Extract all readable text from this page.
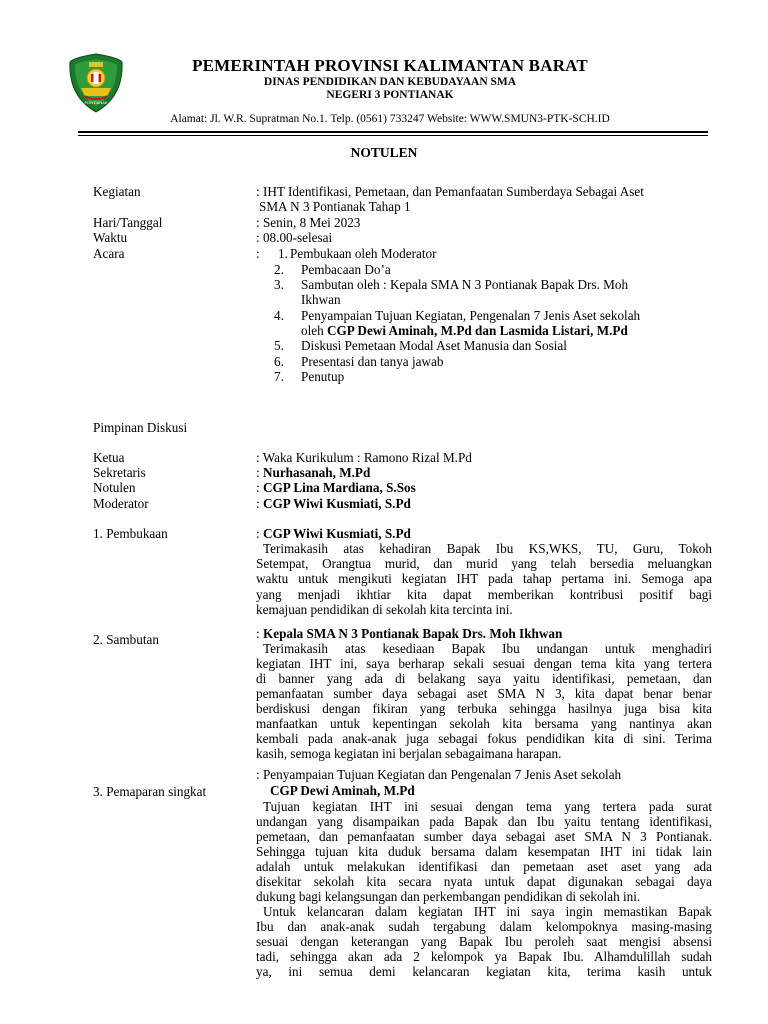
PONTIANAK
PEMERINTAH PROVINSI KALIMANTAN BARAT
DINAS PENDIDIKAN DAN KEBUDAYAAN SMA
NEGERI 3 PONTIANAK
Alamat: Jl. W.R. Supratman No.1. Telp. (0561) 733247 Website: WWW.SMUN3-PTK-SCH.ID
NOTULEN
Kegiatan	: IHT Identifikasi, Pemetaan, dan Pemanfaatan Sumberdaya Sebagai Aset
SMA N 3 Pontianak Tahap 1
Hari/Tanggal	: Senin, 8 Mei 2023
Waktu	: 08.00-selesai
Acara	: 1. Pembukaan oleh Moderator
2. Pembacaan Do’a
3. Sambutan oleh : Kepala SMA N 3 Pontianak Bapak Drs. Moh
Ikhwan
4. Penyampaian Tujuan Kegiatan, Pengenalan 7 Jenis Aset sekolah
oleh CGP Dewi Aminah, M.Pd dan Lasmida Listari, M.Pd
5. Diskusi Pemetaan Modal Aset Manusia dan Sosial
6. Presentasi dan tanya jawab
7. Penutup
Pimpinan Diskusi
Ketua	: Waka Kurikulum : Ramono Rizal M.Pd
Sekretaris	: Nurhasanah, M.Pd
Notulen	: CGP Lina Mardiana, S.Sos
Moderator	: CGP Wiwi Kusmiati, S.Pd
1. Pembukaan	: CGP Wiwi Kusmiati, S.Pd
Terimakasih atas kehadiran Bapak Ibu KS,WKS, TU, Guru, Tokoh
Setempat, Orangtua murid, dan murid yang telah bersedia meluangkan
waktu untuk mengikuti kegiatan IHT pada tahap pertama ini. Semoga apa
yang menjadi ikhtiar kita dapat memberikan kontribusi positif bagi
kemajuan pendidikan di sekolah kita tercinta ini.
2. Sambutan	: Kepala SMA N 3 Pontianak Bapak Drs. Moh Ikhwan
Terimakasih atas kesediaan Bapak Ibu undangan untuk menghadiri
kegiatan IHT ini, saya berharap sekali sesuai dengan tema kita yang tertera
di banner yang ada di belakang saya yaitu identifikasi, pemetaan, dan
pemanfaatan sumber daya sebagai aset SMA N 3, kita dapat benar benar
berdiskusi dengan fikiran yang terbuka sehingga hasilnya juga bisa kita
manfaatkan untuk kepentingan sekolah kita bersama yang nantinya akan
kembali pada anak-anak juga sebagai fokus pendidikan kita di sini. Terima
kasih, semoga kegiatan ini berjalan sebagaimana harapan.
: Penyampaian Tujuan Kegiatan dan Pengenalan 7 Jenis Aset sekolah
3. Pemaparan singkat	CGP Dewi Aminah, M.Pd
Tujuan kegiatan IHT ini sesuai dengan tema yang tertera pada surat
undangan yang disampaikan pada Bapak dan Ibu yaitu tentang identifikasi,
pemetaan, dan pemanfaatan sumber daya sebagai aset SMA N 3 Pontianak.
Sehingga tujuan kita duduk bersama dalam kesempatan IHT ini tidak lain
adalah untuk melakukan identifikasi dan pemetaan aset aset yang ada
disekitar sekolah kita secara nyata untuk dapat digunakan sebagai daya
dukung bagi kelangsungan dan perkembangan pendidikan di sekolah ini.
Untuk kelancaran dalam kegiatan IHT ini saya ingin memastikan Bapak
Ibu dan anak-anak sudah tergabung dalam kelompoknya masing-masing
sesuai dengan keterangan yang Bapak Ibu peroleh saat mengisi absensi
tadi, sehingga akan ada 2 kelompok ya Bapak Ibu. Alhamdulillah sudah
ya, ini semua demi kelancaran kegiatan kita, terima kasih untuk
